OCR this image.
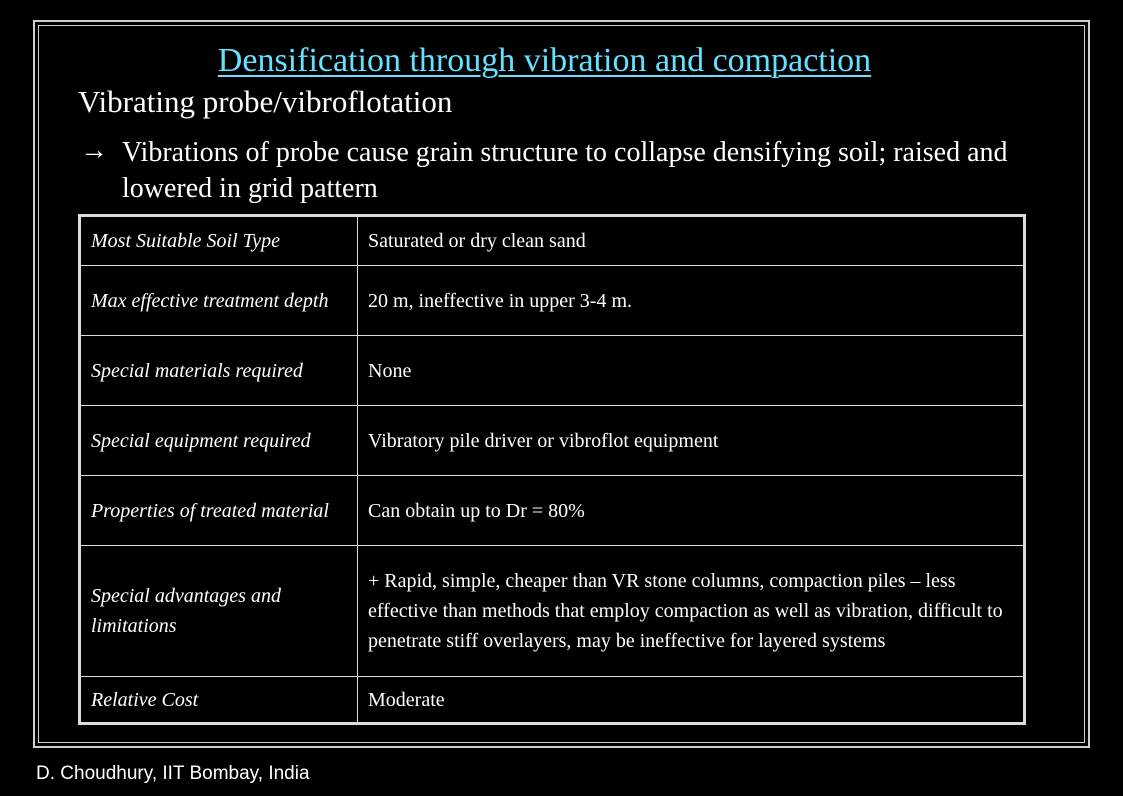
Densification through vibration and compaction
Vibrating probe/vibroflotation
→ Vibrations of probe cause grain structure to collapse densifying soil; raised and lowered in grid pattern
Most Suitable Soil Type	Saturated or dry clean sand
Max effective treatment depth	20 m, ineffective in upper 3-4 m.
Special materials required	None
Special equipment required	Vibratory pile driver or vibroflot equipment
Properties of treated material	Can obtain up to Dr = 80%
Special advantages and limitations	+ Rapid, simple, cheaper than VR stone columns, compaction piles – less effective than methods that employ compaction as well as vibration, difficult to penetrate stiff overlayers, may be ineffective for layered systems
Relative Cost	Moderate
D. Choudhury, IIT Bombay, India
